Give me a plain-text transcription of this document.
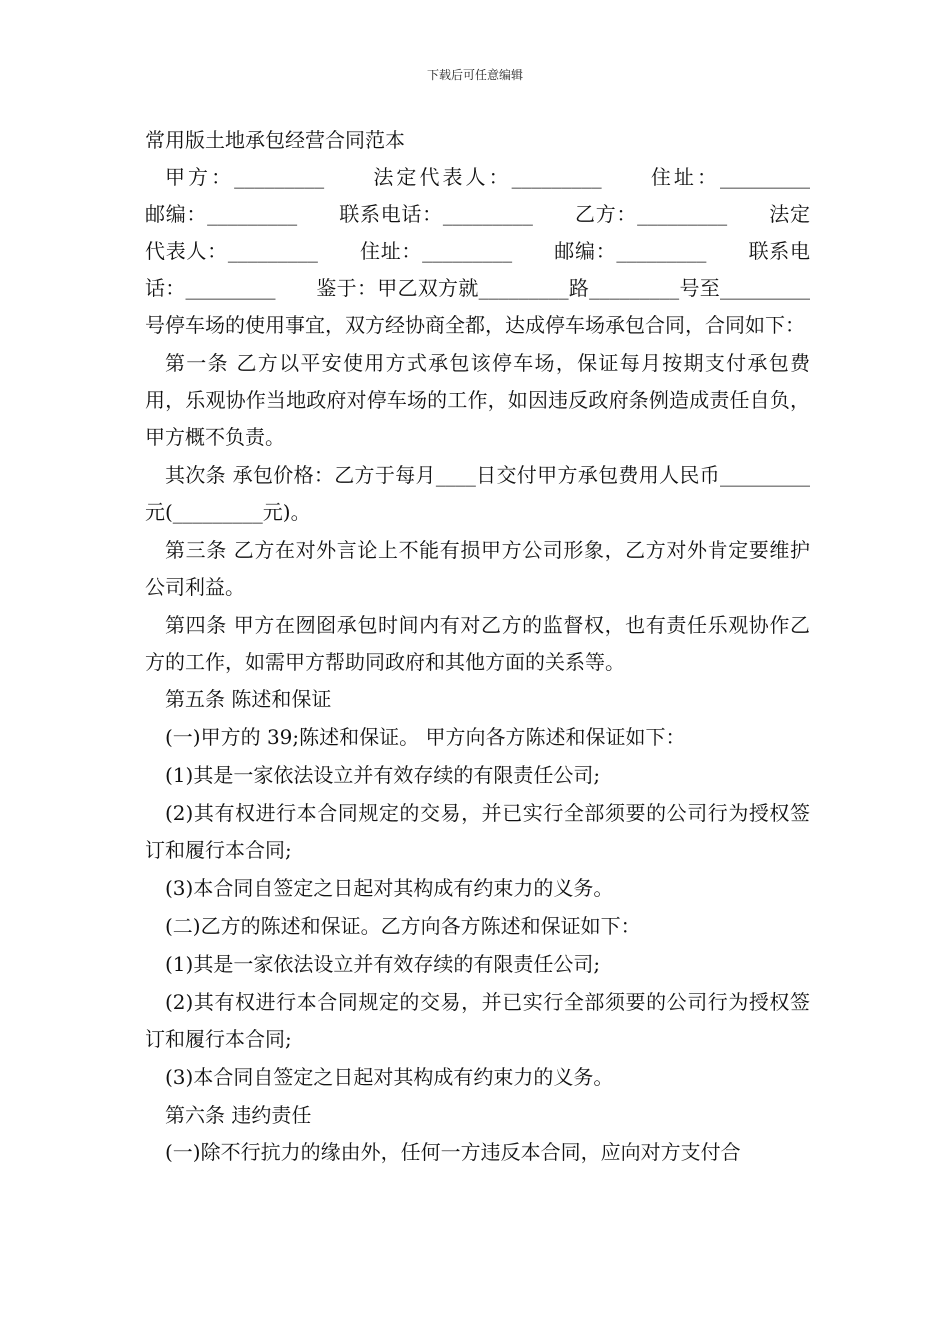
下载后可任意编辑

常用版土地承包经营合同范本

甲方：_________　　法定代表人：_________　　住址：_________　　邮编：_________　　联系电话：_________　　乙方：_________　　法定代表人：_________　　住址：_________　　邮编：_________　　联系电话：_________　　鉴于：甲乙双方就_________路_________号至_________号停车场的使用事宜，双方经协商全都，达成停车场承包合同，合同如下：

第一条 乙方以平安使用方式承包该停车场，保证每月按期支付承包费用，乐观协作当地政府对停车场的工作，如因违反政府条例造成责任自负，甲方概不负责。

其次条 承包价格：乙方于每月____日交付甲方承包费用人民币_________元(_________元)。

第三条 乙方在对外言论上不能有损甲方公司形象，乙方对外肯定要维护公司利益。

第四条 甲方在囫囵承包时间内有对乙方的监督权，也有责任乐观协作乙方的工作，如需甲方帮助同政府和其他方面的关系等。

第五条 陈述和保证

(一)甲方的 39;陈述和保证。 甲方向各方陈述和保证如下：

(1)其是一家依法设立并有效存续的有限责任公司;

(2)其有权进行本合同规定的交易，并已实行全部须要的公司行为授权签订和履行本合同;

(3)本合同自签定之日起对其构成有约束力的义务。

(二)乙方的陈述和保证。乙方向各方陈述和保证如下：

(1)其是一家依法设立并有效存续的有限责任公司;

(2)其有权进行本合同规定的交易，并已实行全部须要的公司行为授权签订和履行本合同;

(3)本合同自签定之日起对其构成有约束力的义务。

第六条 违约责任

(一)除不行抗力的缘由外，任何一方违反本合同，应向对方支付合
